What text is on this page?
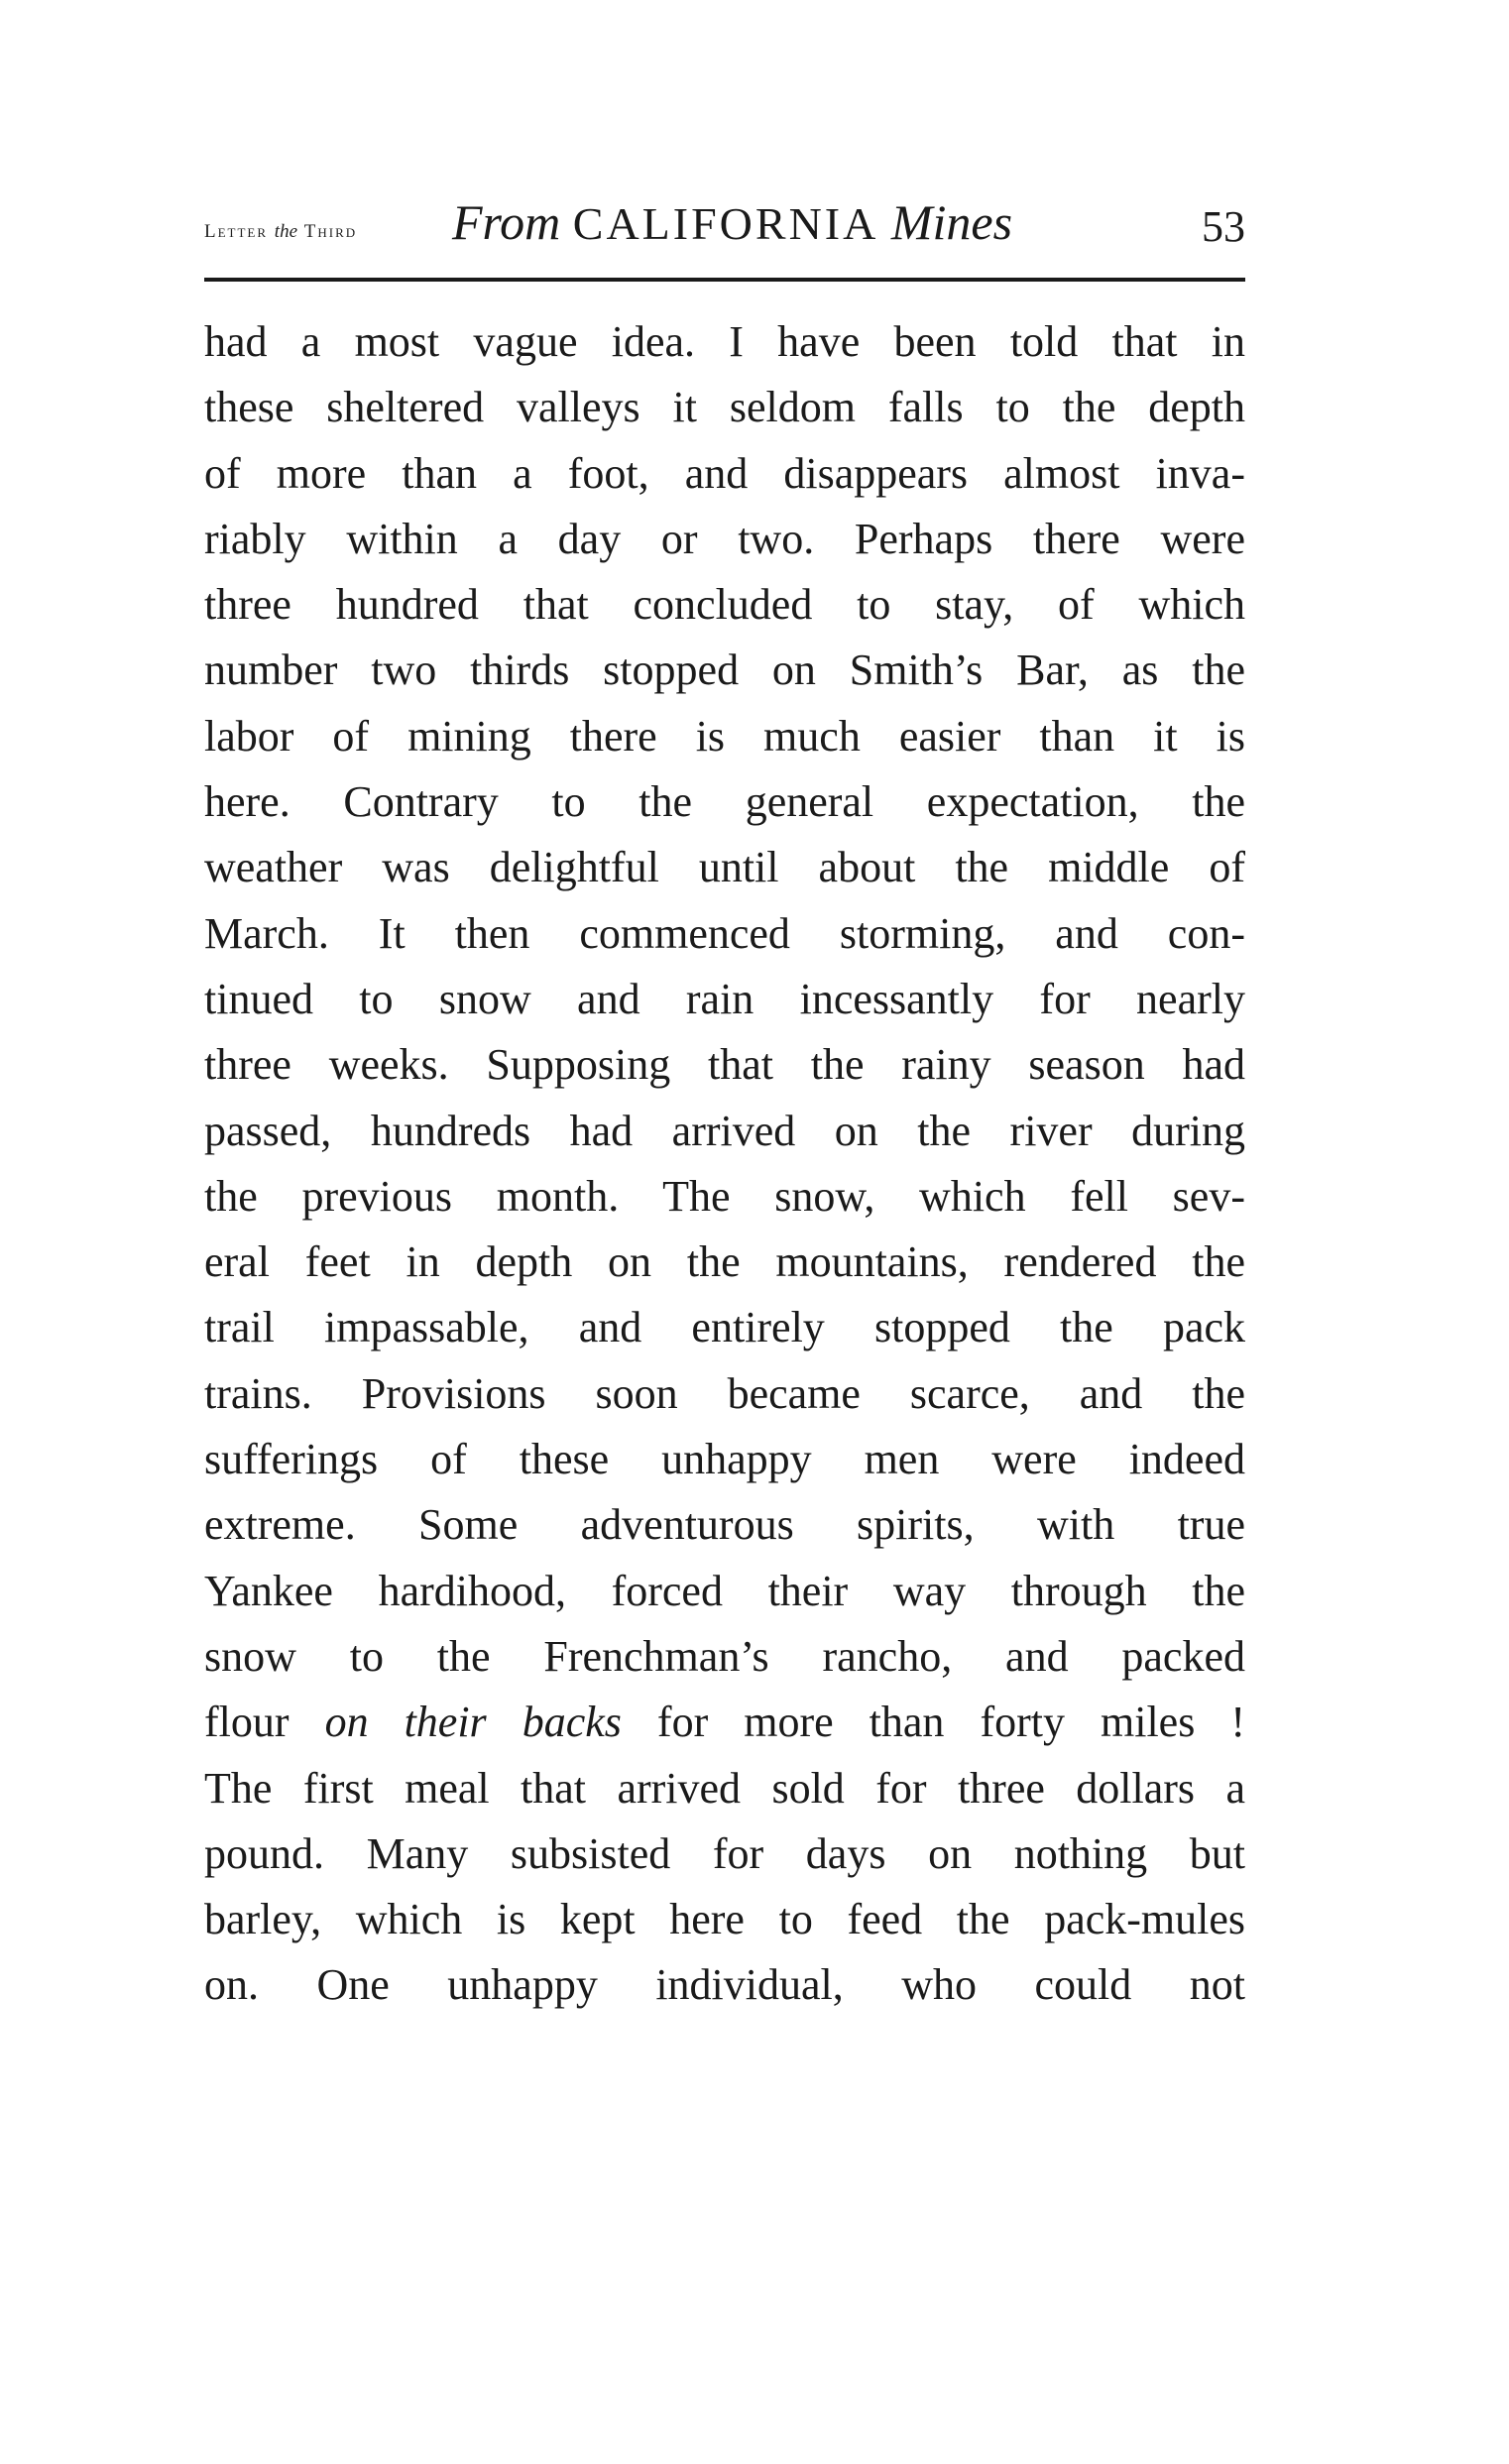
Letter the Third From CALIFORNIA Mines	53
had a most vague idea. I have been told that in
these sheltered valleys it seldom falls to the depth
of more than a foot, and disappears almost inva-
riably within a day or two. Perhaps there were
three hundred that concluded to stay, of which
number two thirds stopped on Smith’s Bar, as the
labor of mining there is much easier than it is
here. Contrary to the general expectation, the
weather was delightful until about the middle of
March. It then commenced storming, and con-
tinued to snow and rain incessantly for nearly
three weeks. Supposing that the rainy season had
passed, hundreds had arrived on the river during
the previous month. The snow, which fell sev-
eral feet in depth on the mountains, rendered the
trail impassable, and entirely stopped the pack
trains. Provisions soon became scarce, and the
sufferings of these unhappy men were indeed
extreme. Some adventurous spirits, with true
Yankee hardihood, forced their way through the
snow to the Frenchman’s rancho, and packed
flour on their backs for more than forty miles !
The first meal that arrived sold for three dollars a
pound. Many subsisted for days on nothing but
barley, which is kept here to feed the pack-mules
on. One unhappy individual, who could not
